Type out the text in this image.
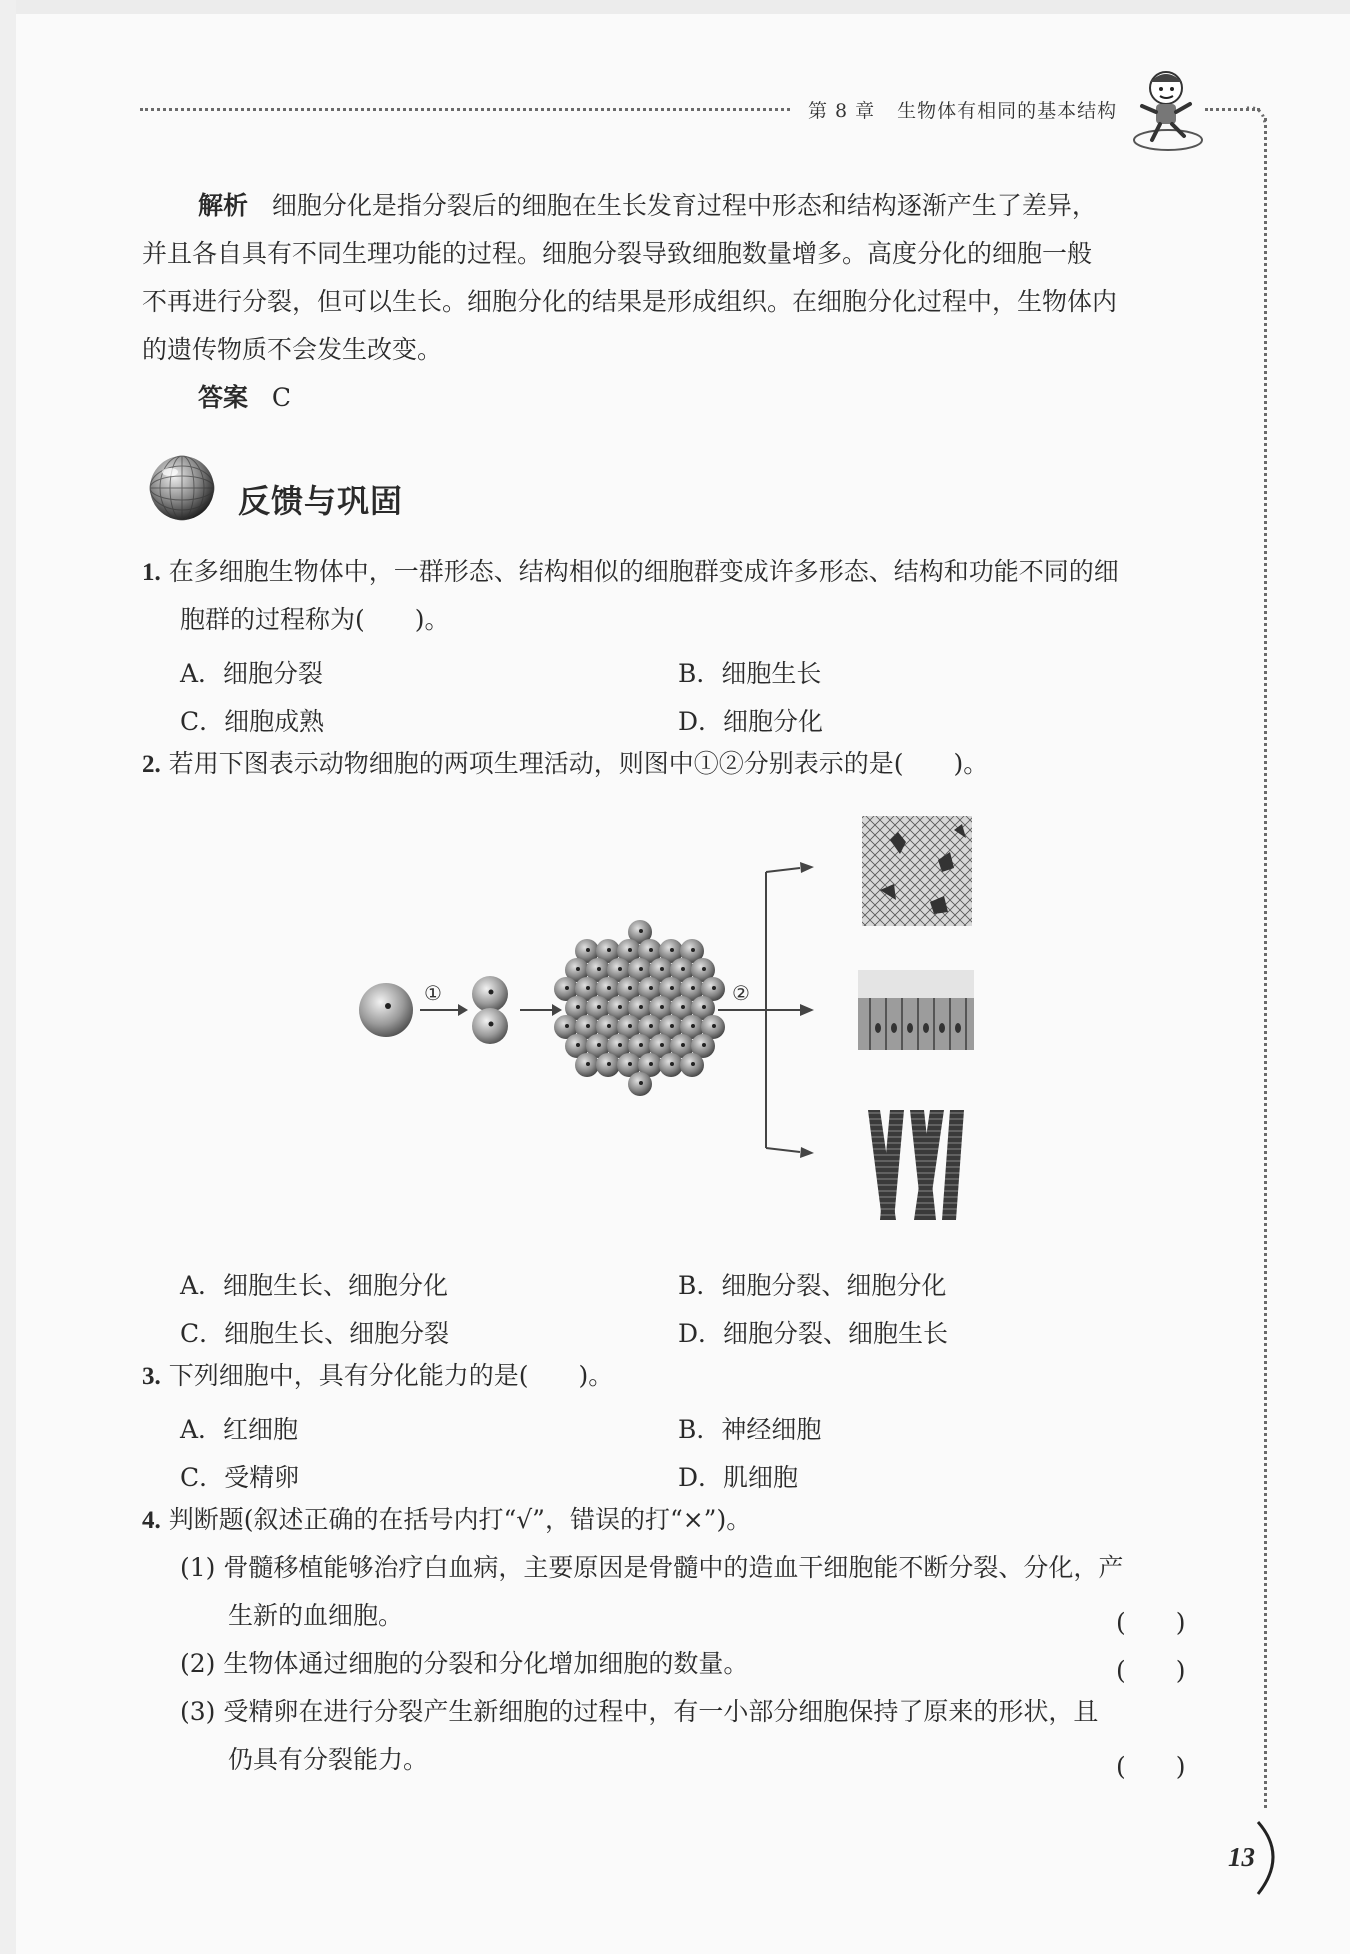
第 8 章 生物体有相同的基本结构
解析 细胞分化是指分裂后的细胞在生长发育过程中形态和结构逐渐产生了差异，
并且各自具有不同生理功能的过程。细胞分裂导致细胞数量增多。高度分化的细胞一般
不再进行分裂，但可以生长。细胞分化的结果是形成组织。在细胞分化过程中，生物体内
的遗传物质不会发生改变。
答案 C
反馈与巩固
1. 在多细胞生物体中，一群形态、结构相似的细胞群变成许多形态、结构和功能不同的细
胞群的过程称为(　　)。
A．细胞分裂	B．细胞生长
C．细胞成熟	D．细胞分化
2. 若用下图表示动物细胞的两项生理活动，则图中①②分别表示的是(　　)。
①	②
A．细胞生长、细胞分化	B．细胞分裂、细胞分化
C．细胞生长、细胞分裂	D．细胞分裂、细胞生长
3. 下列细胞中，具有分化能力的是(　　)。
A．红细胞	B．神经细胞
C．受精卵	D．肌细胞
4. 判断题(叙述正确的在括号内打“√”，错误的打“×”)。
(1) 骨髓移植能够治疗白血病，主要原因是骨髓中的造血干细胞能不断分裂、分化，产
生新的血细胞。	(　　)
(2) 生物体通过细胞的分裂和分化增加细胞的数量。	(　　)
(3) 受精卵在进行分裂产生新细胞的过程中，有一小部分细胞保持了原来的形状，且
仍具有分裂能力。	(　　)
13
